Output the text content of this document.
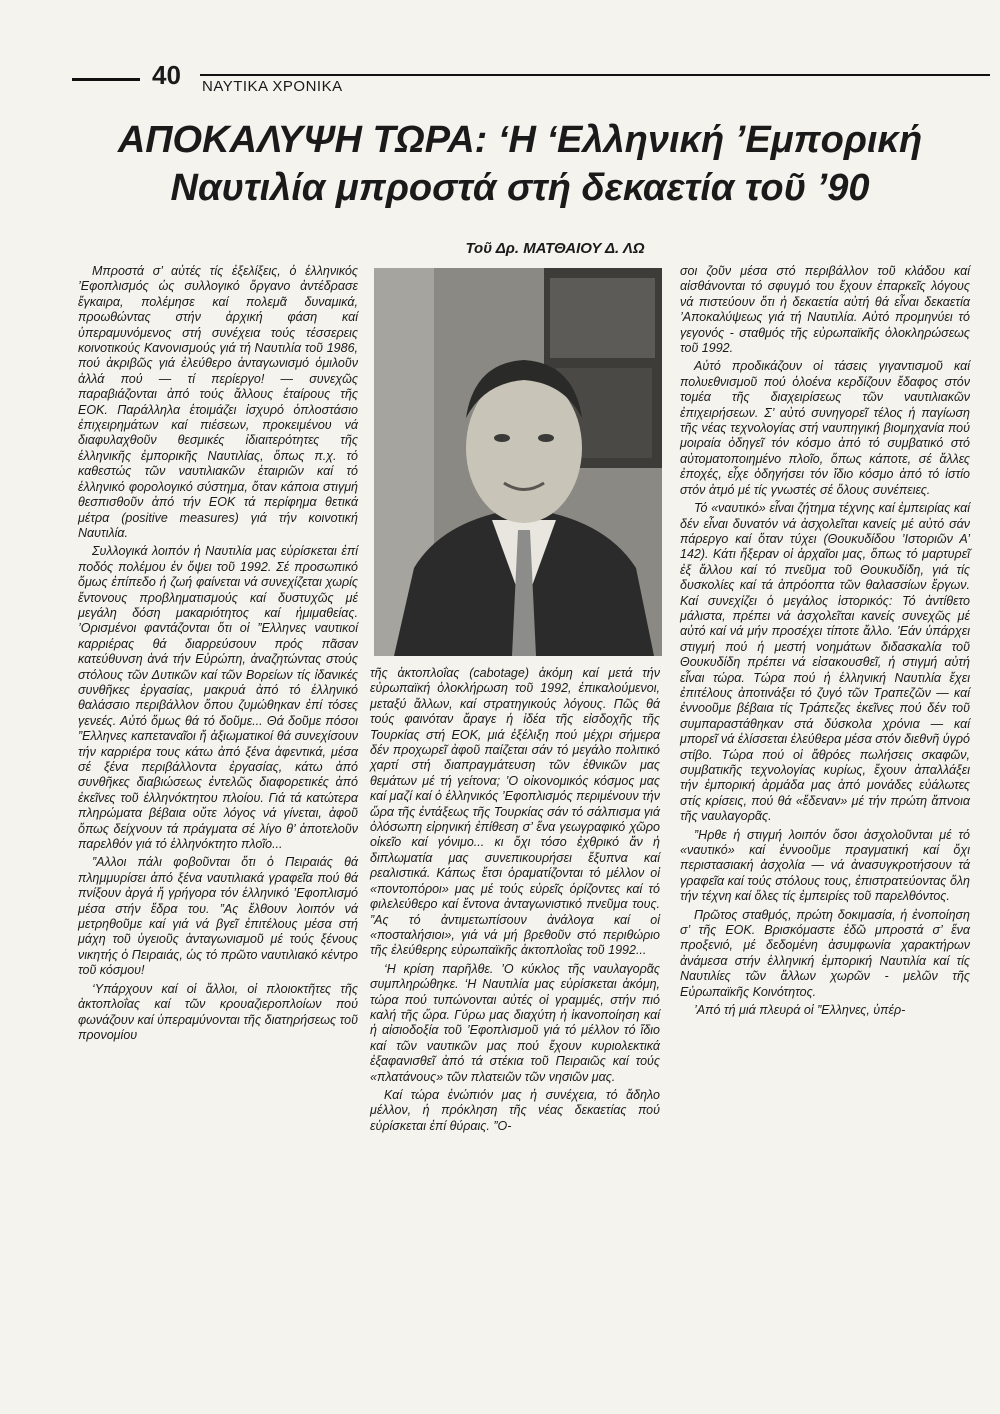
40 ΝΑΥΤΙΚΑ ΧΡΟΝΙΚΑ
ΑΠΟΚΑΛΥΨΗ ΤΩΡΑ: ‘Η ‘Ελληνική ’Εμπορική
Ναυτιλία μπροστά στή δεκαετία τοῦ ’90
Τοῦ Δρ. ΜΑΤΘΑΙΟΥ Δ. ΛΩ

Μπροστά σ’ αὐτές τίς ἐξελίξεις, ὁ ἑλληνικός ’Εφοπλισμός ὡς συλλογικό ὄργανο ἀντέδρασε ἔγκαιρα, πολέμησε καί πολεμᾶ δυναμικά, προωθώντας στήν ἀρχική φάση καί ὑπεραμυνόμενος στή συνέχεια τούς τέσσερεις κοινοτικούς Κανονισμούς γιά τή Ναυτιλία τοῦ 1986, πού ἀκριβῶς γιά ἐλεύθερο ἀνταγωνισμό ὁμιλοῦν ἀλλά πού — τί περίεργο! — συνεχῶς παραβιάζονται ἀπό τούς ἄλλους ἑταίρους τῆς ΕΟΚ. Παράλληλα ἑτοιμάζει ἰσχυρό ὁπλοστάσιο ἐπιχειρημάτων καί πιέσεων, προκειμένου νά διαφυλαχθοῦν θεσμικές ἰδιαιτερότητες τῆς ἑλληνικῆς ἐμπορικῆς Ναυτιλίας, ὅπως π.χ. τό καθεστώς τῶν ναυτιλιακῶν ἑταιριῶν καί τό ἑλληνικό φορολογικό σύστημα, ὅταν κάποια στιγμή θεσπισθοῦν ἀπό τήν ΕΟΚ τά περίφημα θετικά μέτρα (positive measures) γιά τήν κοινοτική Ναυτιλία.

Συλλογικά λοιπόν ἡ Ναυτιλία μας εὑρίσκεται ἐπί ποδός πολέμου ἐν ὄψει τοῦ 1992. Σέ προσωπικό ὅμως ἐπίπεδο ἡ ζωή φαίνεται νά συνεχίζεται χωρίς ἔντονους προβληματισμούς καί δυστυχῶς μέ μεγάλη δόση μακαριότητος καί ἡμιμαθείας. ’Ορισμένοι φαντάζονται ὅτι οἱ ”Ελληνες ναυτικοί καρριέρας θά διαρρεύσουν πρός πᾶσαν κατεύθυνση ἀνά τήν Εὐρώπη, ἀναζητώντας στούς στόλους τῶν Δυτικῶν καί τῶν Βορείων τίς ἰδανικές συνθῆκες ἐργασίας, μακρυά ἀπό τό ἑλληνικό θαλάσσιο περιβάλλον ὅπου ζυμώθηκαν ἐπί τόσες γενεές. Αὐτό ὅμως θά τό δοῦμε... Θά δοῦμε πόσοι ”Ελληνες καπεταναῖοι ἤ ἀξιωματικοί θά συνεχίσουν τήν καρριέρα τους κάτω ἀπό ξένα ἀφεντικά, μέσα σέ ξένα περιβάλλοντα ἐργασίας, κάτω ἀπό συνθῆκες διαβιώσεως ἐντελῶς διαφορετικές ἀπό ἐκεῖνες τοῦ ἑλληνόκτητου πλοίου. Γιά τά κατώτερα πληρώματα βέβαια οὔτε λόγος νά γίνεται, ἀφοῦ ὅπως δείχνουν τά πράγματα σέ λίγο θ’ ἀποτελοῦν παρελθόν γιά τό ἑλληνόκτητο πλοῖο...

”Αλλοι πάλι φοβοῦνται ὅτι ὁ Πειραιάς θά πλημμυρίσει ἀπό ξένα ναυτιλιακά γραφεῖα πού θά πνίξουν ἀργά ἤ γρήγορα τόν ἑλληνικό ’Εφοπλισμό μέσα στήν ἕδρα του. ”Ας ἔλθουν λοιπόν νά μετρηθοῦμε καί γιά νά βγεῖ ἐπιτέλους μέσα στή μάχη τοῦ ὑγειοῦς ἀνταγωνισμοῦ μέ τούς ξένους νικητής ὁ Πειραιάς, ὡς τό πρῶτο ναυτιλιακό κέντρο τοῦ κόσμου!

‘Υπάρχουν καί οἱ ἄλλοι, οἱ πλοιοκτῆτες τῆς ἀκτοπλοΐας καί τῶν κρουαζιεροπλοίων πού φωνάζουν καί ὑπεραμύνονται τῆς διατηρήσεως τοῦ προνομίου

τῆς ἀκτοπλοΐας (cabotage) ἀκόμη καί μετά τήν εὐρωπαϊκή ὁλοκλήρωση τοῦ 1992, ἐπικαλούμενοι, μεταξύ ἄλλων, καί στρατηγικούς λόγους. Πῶς θά τούς φαινόταν ἄραγε ἡ ἰδέα τῆς εἰσδοχῆς τῆς Τουρκίας στή ΕΟΚ, μιά ἐξέλιξη πού μέχρι σήμερα δέν προχωρεῖ ἀφοῦ παίζεται σάν τό μεγάλο πολιτικό χαρτί στή διαπραγμάτευση τῶν ἐθνικῶν μας θεμάτων μέ τή γείτονα; ’Ο οἰκονομικός κόσμος μας καί μαζί καί ὁ ἑλληνικός ’Εφοπλισμός περιμένουν τήν ὥρα τῆς ἐντάξεως τῆς Τουρκίας σάν τό σάλπισμα γιά ὁλόσωπη εἰρηνική ἐπίθεση σ’ ἕνα γεωγραφικό χῶρο οἰκεῖο καί γόνιμο... κι ὄχι τόσο ἐχθρικό ἄν ἡ διπλωματία μας συνεπικουρήσει ἔξυπνα καί ρεαλιστικά. Κάπως ἔτσι ὁραματίζονται τό μέλλον οἱ «ποντοπόροι» μας μέ τούς εὐρεῖς ὁρίζοντες καί τό φιλελεύθερο καί ἔντονα ἀνταγωνιστικό πνεῦμα τους. ”Ας τό ἀντιμετωπίσουν ἀνάλογα καί οἱ «ποσταλήσιοι», γιά νά μή βρεθοῦν στό περιθώριο τῆς ἐλεύθερης εὐρωπαϊκῆς ἀκτοπλοΐας τοῦ 1992...

‘Η κρίση παρῆλθε. ’Ο κύκλος τῆς ναυλαγορᾶς συμπληρώθηκε. ‘Η Ναυτιλία μας εὑρίσκεται ἀκόμη, τώρα πού τυπώνονται αὐτές οἱ γραμμές, στήν πιό καλή τῆς ὥρα. Γύρω μας διαχύτη ἡ ἱκανοποίηση καί ἡ αἰσιοδοξία τοῦ ’Εφοπλισμοῦ γιά τό μέλλον τό ἴδιο καί τῶν ναυτικῶν μας πού ἔχουν κυριολεκτικά ἐξαφανισθεῖ ἀπό τά στέκια τοῦ Πειραιῶς καί τούς «πλατάνους» τῶν πλατειῶν τῶν νησιῶν μας.

Καί τώρα ἐνώπιόν μας ἡ συνέχεια, τό ἄδηλο μέλλον, ἡ πρόκληση τῆς νέας δεκαετίας πού εὑρίσκεται ἐπί θύραις. ”Ο-

σοι ζοῦν μέσα στό περιβάλλον τοῦ κλάδου καί αἰσθάνονται τό σφυγμό του ἔχουν ἐπαρκεῖς λόγους νά πιστεύουν ὅτι ἡ δεκαετία αὐτή θά εἶναι δεκαετία ’Αποκαλύψεως γιά τή Ναυτιλία. Αὐτό προμηνύει τό γεγονός - σταθμός τῆς εὐρωπαϊκῆς ὁλοκληρώσεως τοῦ 1992.

Αὐτό προδικάζουν οἱ τάσεις γιγαντισμοῦ καί πολυεθνισμοῦ πού ὁλοένα κερδίζουν ἔδαφος στόν τομέα τῆς διαχειρίσεως τῶν ναυτιλιακῶν ἐπιχειρήσεων. Σ’ αὐτό συνηγορεῖ τέλος ἡ παγίωση τῆς νέας τεχνολογίας στή ναυπηγική βιομηχανία πού μοιραία ὁδηγεῖ τόν κόσμο ἀπό τό συμβατικό στό αὐτοματοποιημένο πλοῖο, ὅπως κάποτε, σέ ἄλλες ἐποχές, εἶχε ὁδηγήσει τόν ἴδιο κόσμο ἀπό τό ἱστίο στόν ἀτμό μέ τίς γνωστές σέ ὅλους συνέπειες.

Τό «ναυτικό» εἶναι ζήτημα τέχνης καί ἐμπειρίας καί δέν εἶναι δυνατόν νά ἀσχολεῖται κανείς μέ αὐτό σάν πάρεργο καί ὅταν τύχει (Θουκυδίδου ’Ιστοριῶν Α’ 142). Κάτι ἤξεραν οἱ ἀρχαῖοι μας, ὅπως τό μαρτυρεῖ ἐξ ἄλλου καί τό πνεῦμα τοῦ Θουκυδίδη, γιά τίς δυσκολίες καί τά ἀπρόοπτα τῶν θαλασσίων ἔργων. Καί συνεχίζει ὁ μεγάλος ἱστορικός: Τό ἀντίθετο μάλιστα, πρέπει νά ἀσχολεῖται κανείς συνεχῶς μέ αὐτό καί νά μήν προσέχει τίποτε ἄλλο. ’Εάν ὑπάρχει στιγμή πού ἡ μεστή νοημάτων διδασκαλία τοῦ Θουκυδίδη πρέπει νά εἰσακουσθεῖ, ἡ στιγμή αὐτή εἶναι τώρα. Τώρα πού ἡ ἑλληνική Ναυτιλία ἔχει ἐπιτέλους ἀποτινάξει τό ζυγό τῶν Τραπεζῶν — καί ἐννοοῦμε βέβαια τίς Τράπεζες ἐκεῖνες πού δέν τοῦ συμπαραστάθηκαν στά δύσκολα χρόνια — καί μπορεῖ νά ἐλίσσεται ἐλεύθερα μέσα στόν διεθνῆ ὑγρό στίβο. Τώρα πού οἱ ἄθρόες πωλήσεις σκαφῶν, συμβατικῆς τεχνολογίας κυρίως, ἔχουν ἀπαλλάξει τήν ἐμπορική ἀρμάδα μας ἀπό μονάδες εὐάλωτες στίς κρίσεις, πού θά «ἔδεναν» μέ τήν πρώτη ἄπνοια τῆς ναυλαγορᾶς.

”Ηρθε ἡ στιγμή λοιπόν ὅσοι ἀσχολοῦνται μέ τό «ναυτικό» καί ἐννοοῦμε πραγματική καί ὄχι περιστασιακή ἀσχολία — νά ἀνασυγκροτήσουν τά γραφεῖα καί τούς στόλους τους, ἐπιστρατεύοντας ὅλη τήν τέχνη καί ὅλες τίς ἐμπειρίες τοῦ παρελθόντος.

Πρῶτος σταθμός, πρώτη δοκιμασία, ἡ ἐνοποίηση σ’ τῆς ΕΟΚ. Βρισκόμαστε ἐδῶ μπροστά σ’ ἕνα προξενιό, μέ δεδομένη ἀσυμφωνία χαρακτήρων ἀνάμεσα στήν ἑλληνική ἐμπορική Ναυτιλία καί τίς Ναυτιλίες τῶν ἄλλων χωρῶν - μελῶν τῆς Εὐρωπαϊκῆς Κοινότητος.

’Από τή μιά πλευρά οἱ ”Ελληνες, ὑπέρ-
